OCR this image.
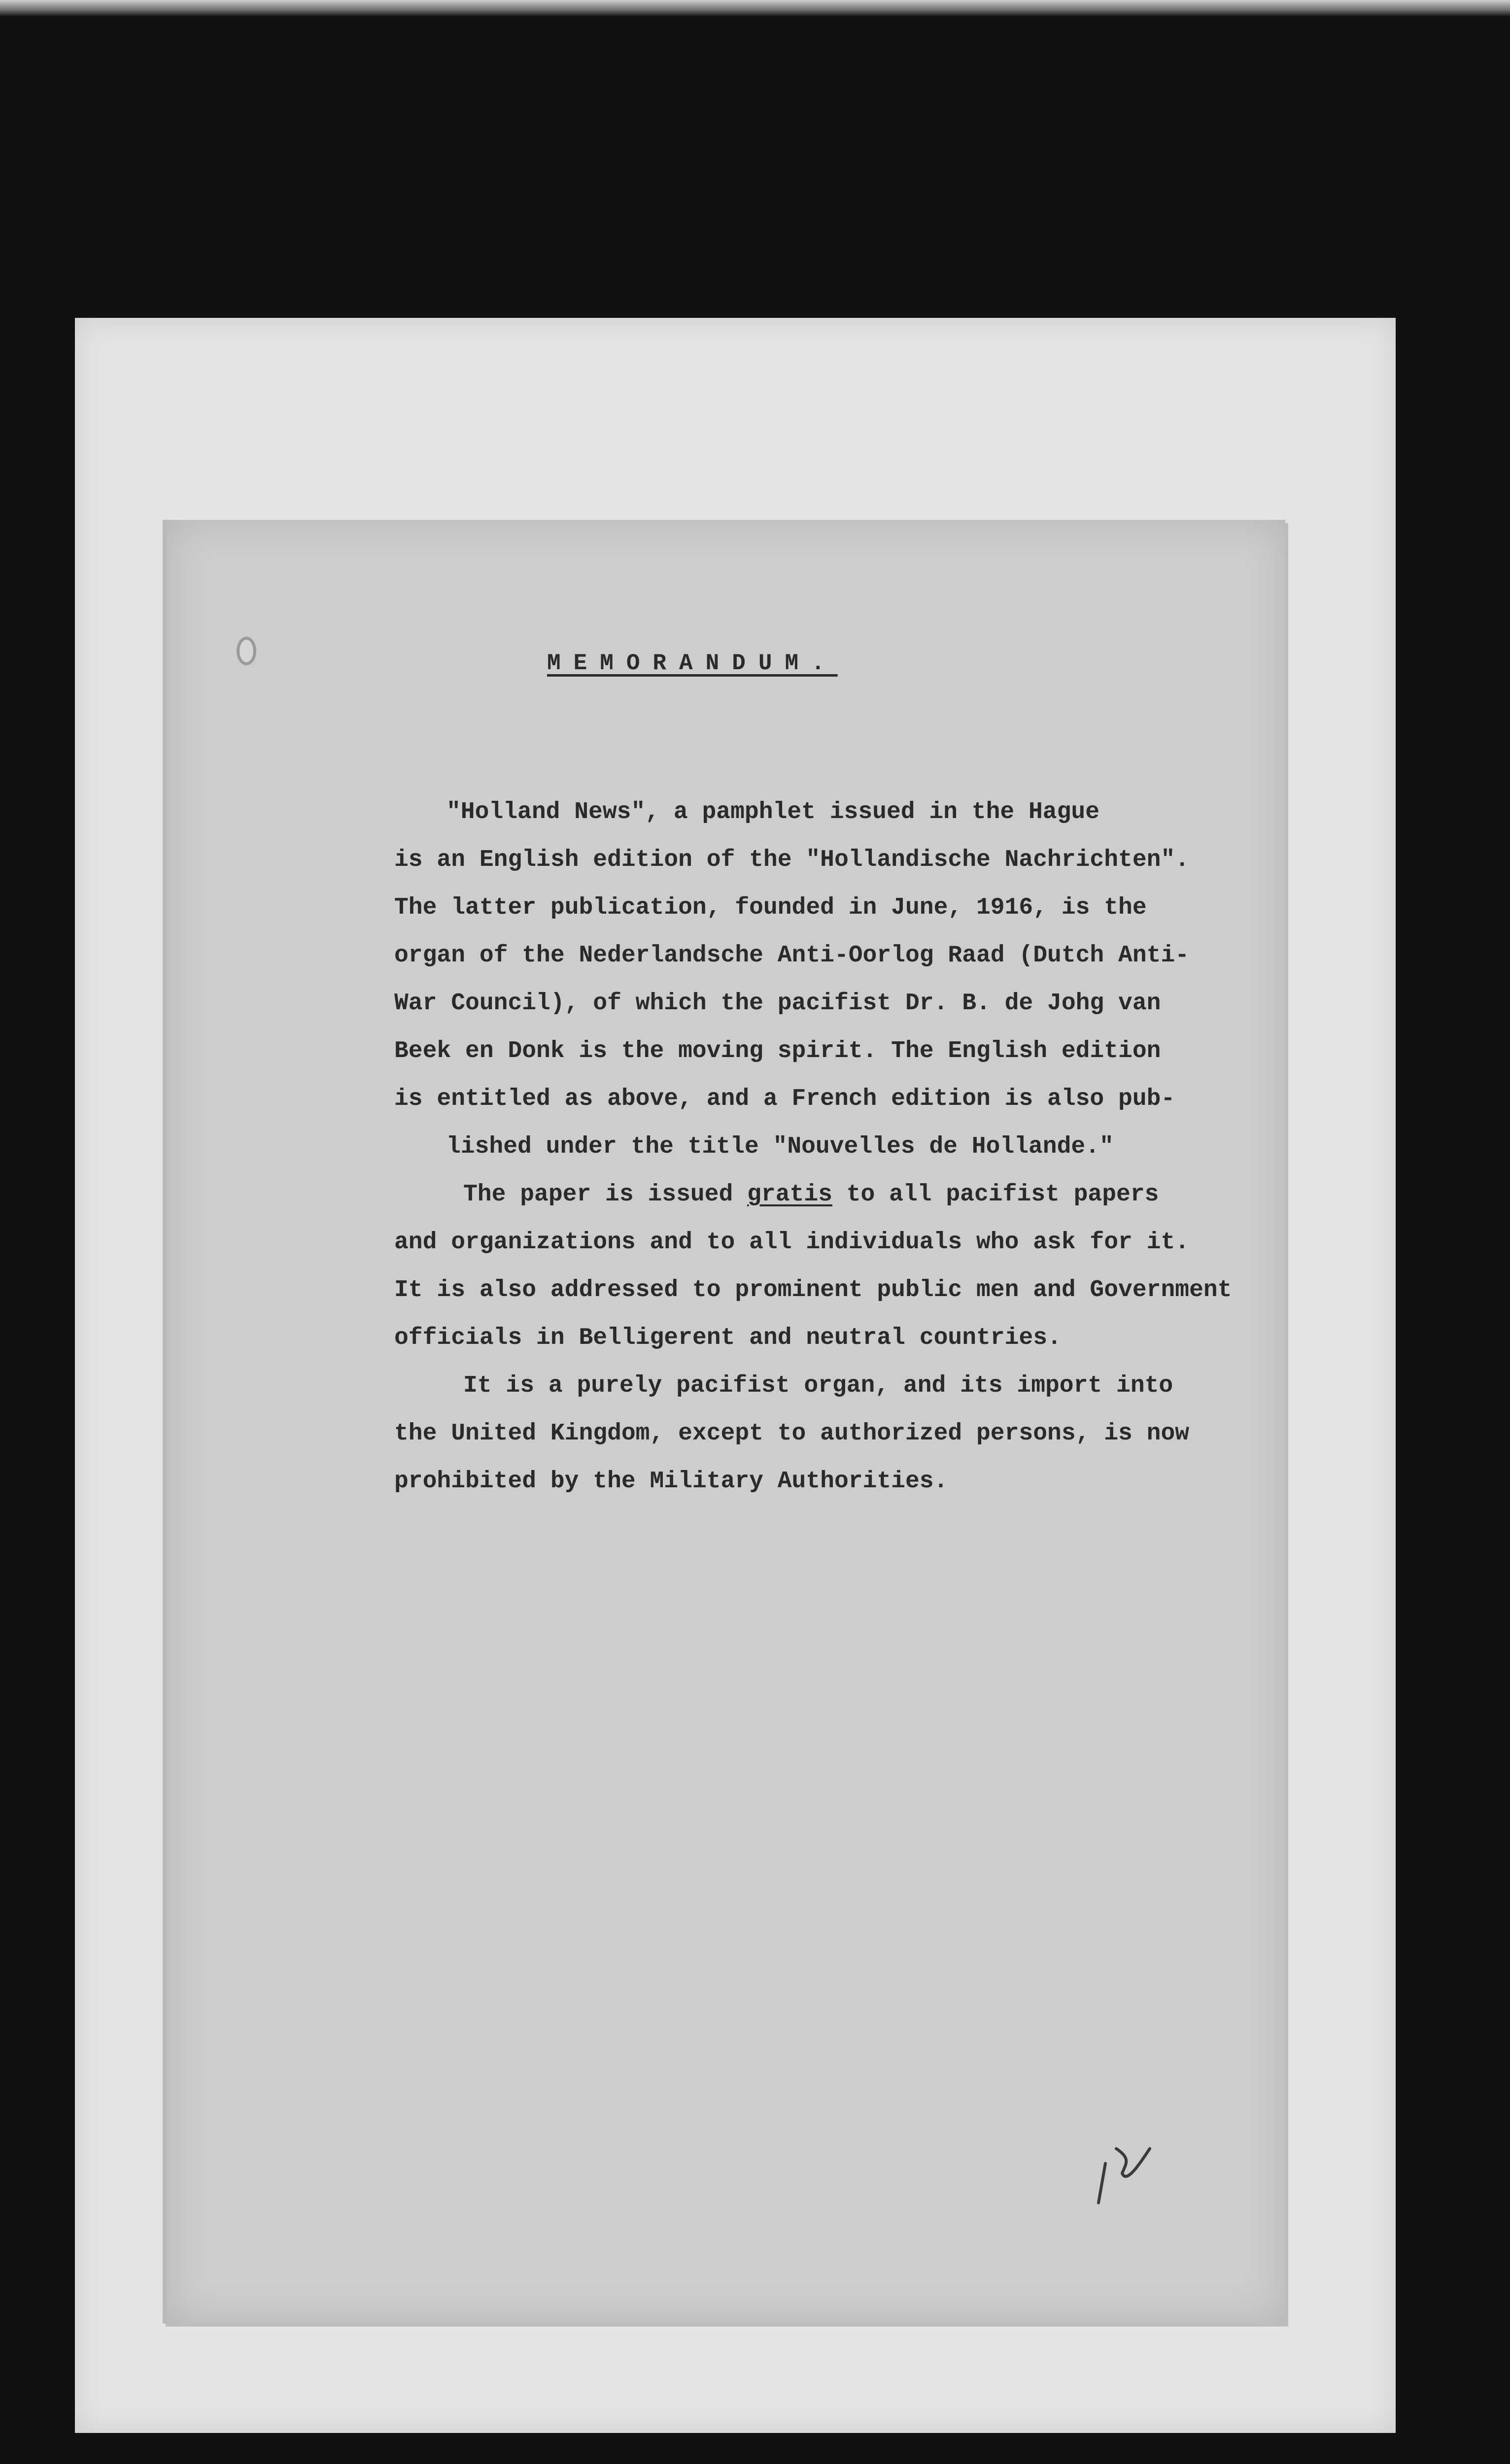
MEMORANDUM.
"Holland News", a pamphlet issued in the Hague
is an English edition of the "Hollandische Nachrichten".
The latter publication, founded in June, 1916, is the
organ of the Nederlandsche Anti-Oorlog Raad (Dutch Anti-
War Council), of which the pacifist Dr. B. de Johg van
Beek en Donk is the moving spirit. The English edition
is entitled as above, and a French edition is also pub-
lished under the title "Nouvelles de Hollande."
The paper is issued gratis to all pacifist papers
and organizations and to all individuals who ask for it.
It is also addressed to prominent public men and Government
officials in Belligerent and neutral countries.
It is a purely pacifist organ, and its import into
the United Kingdom, except to authorized persons, is now
prohibited by the Military Authorities.
